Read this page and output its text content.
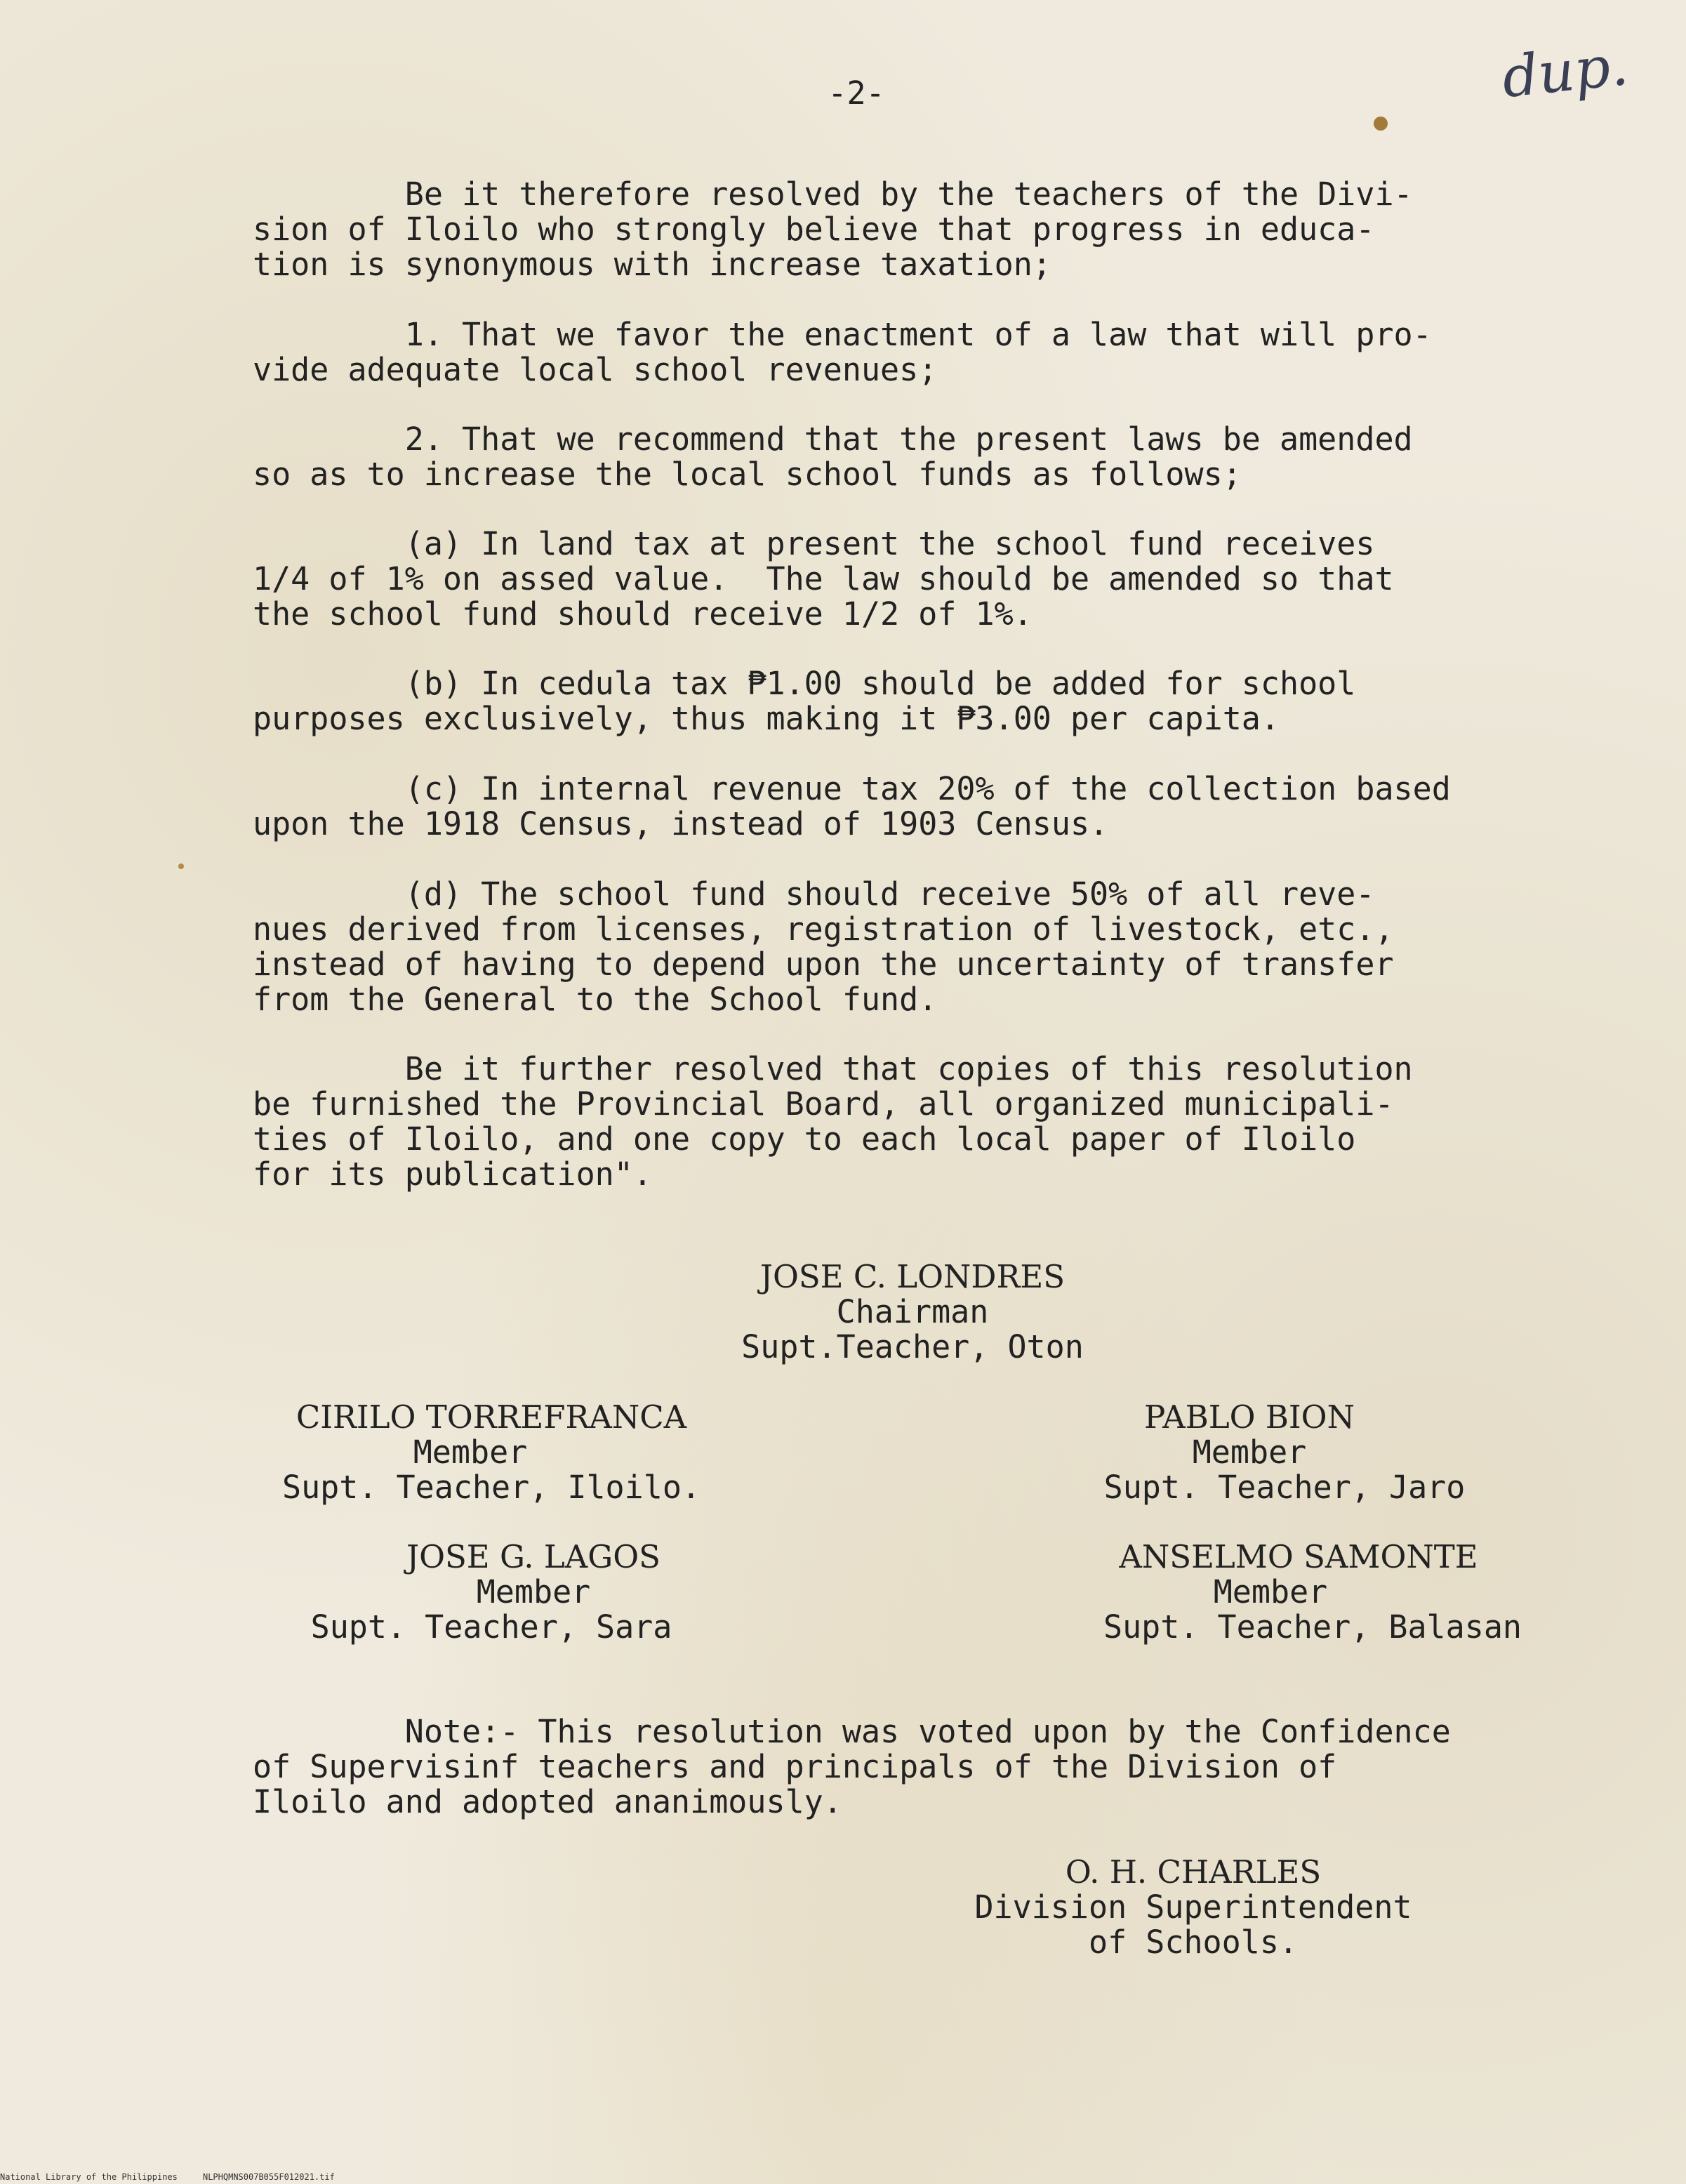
-2-	dup.

Be it therefore resolved by the teachers of the Divi-

sion of Iloilo who strongly believe that progress in educa-

tion is synonymous with increase taxation;

1. That we favor the enactment of a law that will pro-

vide adequate local school revenues;

2. That we recommend that the present laws be amended

so as to increase the local school funds as follows;

(a) In land tax at present the school fund receives

1/4 of 1% on assed value.  The law should be amended so that

the school fund should receive 1/2 of 1%.

(b) In cedula tax ₱1.00 should be added for school

purposes exclusively, thus making it ₱3.00 per capita.

(c) In internal revenue tax 20% of the collection based

upon the 1918 Census, instead of 1903 Census.

(d) The school fund should receive 50% of all reve-

nues derived from licenses, registration of livestock, etc.,

instead of having to depend upon the uncertainty of transfer

from the General to the School fund.

Be it further resolved that copies of this resolution

be furnished the Provincial Board, all organized municipali-

ties of Iloilo, and one copy to each local paper of Iloilo

for its publication".

JOSE C. LONDRES
Chairman
Supt.Teacher, Oton
CIRILO TORREFRANCA
Member
Supt. Teacher, Iloilo.
PABLO BION
Member
Supt. Teacher, Jaro
JOSE G. LAGOS
Member
Supt. Teacher, Sara
ANSELMO SAMONTE
Member
Supt. Teacher, Balasan

Note:- This resolution was voted upon by the Confidence

of Supervisinf teachers and principals of the Division of

Iloilo and adopted ananimously.

O. H. CHARLES
Division Superintendent
of Schools.
National Library of the Philippines     NLPHQMNS007B055F012021.tif
